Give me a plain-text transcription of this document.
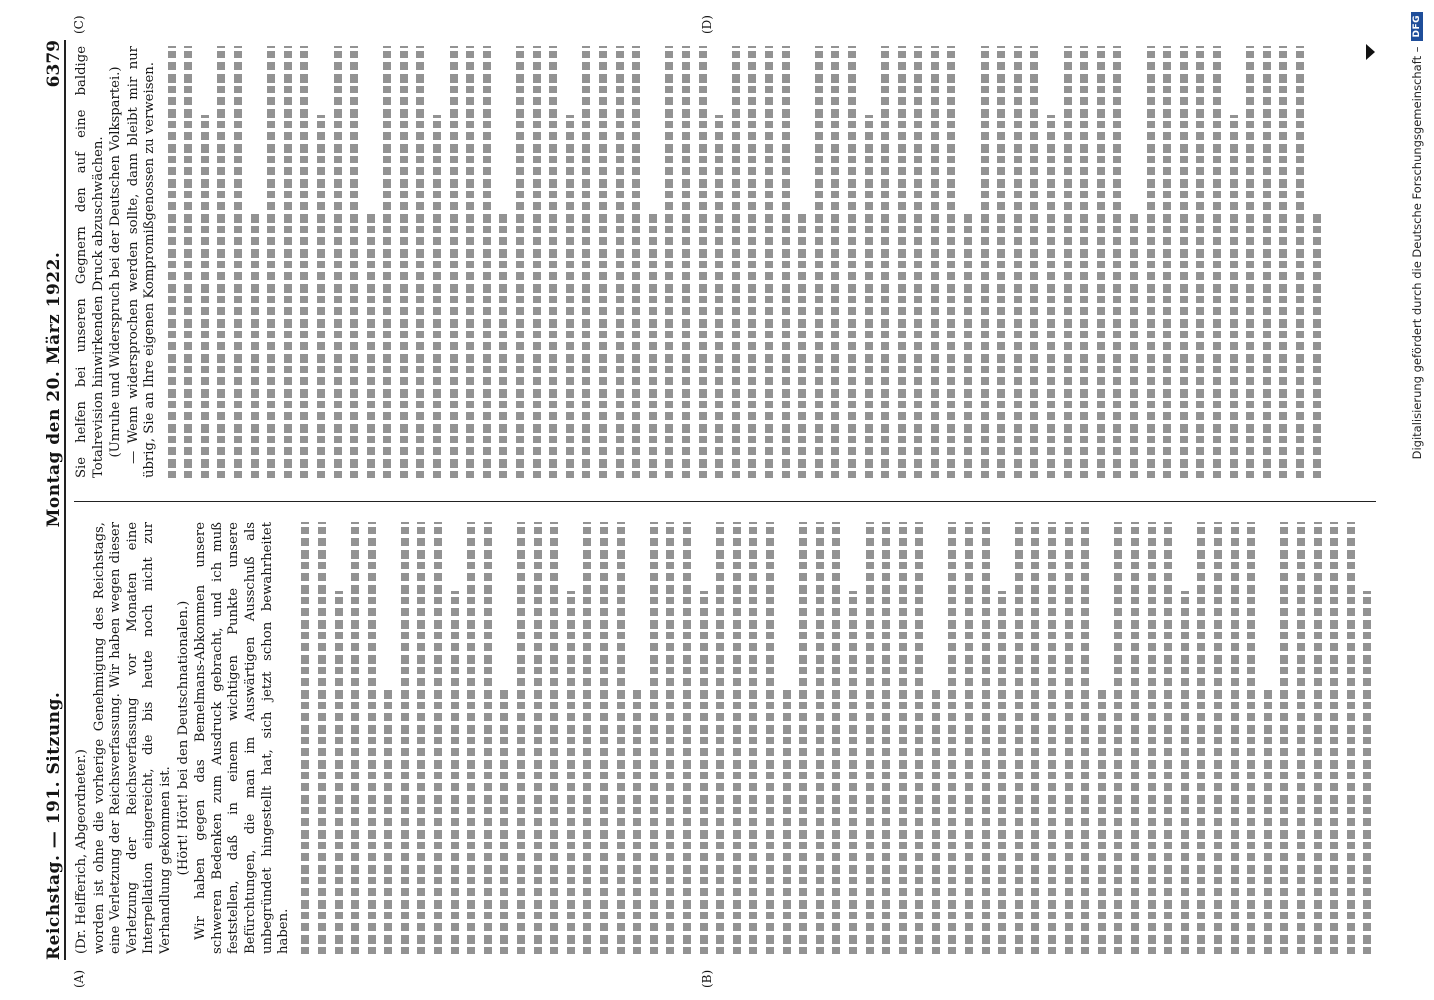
Reichstag. — 191. Sitzung.
Montag den 20. März 1922.
6379
(A)	(B)
(C)	(D)

(Dr. Helfferich, Abgeordneter.) worden ist ohne die vorherige Genehmigung des Reichstags, eine Verletzung der Reichsverfassung. Wir haben wegen dieser Verletzung der Reichsverfassung vor Monaten eine Interpellation eingereicht, die bis heute noch nicht zur Verhandlung gekommen ist. (Hört! Hört! bei den Deutschnationalen.) Wir haben gegen das Bemelmans-Abkommen unsere schweren Bedenken zum Ausdruck gebracht, und ich muß feststellen, daß in einem wichtigen Punkte unsere Befürchtungen, die man im Auswärtigen Ausschuß als unbegründet hingestellt hat, sich jetzt schon bewahrheitet haben.

Sie helfen bei unseren Gegnern den auf eine baldige Totalrevision hinwirkenden Druck abzuschwächen. (Unruhe und Widerspruch bei der Deutschen Volkspartei.) — Wenn widersprochen werden sollte, dann bleibt mir nur übrig, Sie an Ihre eigenen Kompromißgenossen zu verweisen.	Digitalisierung gefördert durch die Deutsche Forschungsgemeinschaft –
DFG
